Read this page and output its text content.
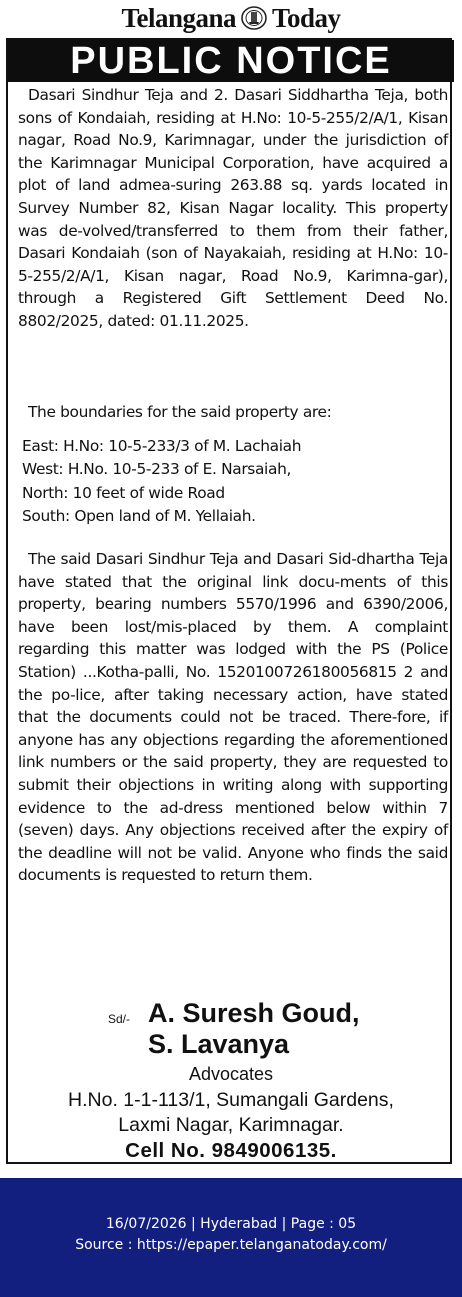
Telangana Today
PUBLIC NOTICE
Dasari Sindhur Teja and 2. Dasari Siddhartha Teja, both sons of Kondaiah, residing at H.No: 10-5-255/2/A/1, Kisan nagar, Road No.9, Karimnagar, under the jurisdiction of the Karimnagar Municipal Corporation, have acquired a plot of land admea-suring 263.88 sq. yards located in Survey Number 82, Kisan Nagar locality. This property was de-volved/transferred to them from their father, Dasari Kondaiah (son of Nayakaiah, residing at H.No: 10-5-255/2/A/1, Kisan nagar, Road No.9, Karimna-gar), through a Registered Gift Settlement Deed No. 8802/2025, dated: 01.11.2025.
The boundaries for the said property are:
East: H.No: 10-5-233/3 of M. Lachaiah
West: H.No. 10-5-233 of E. Narsaiah,
North: 10 feet of wide Road
South: Open land of M. Yellaiah.
The said Dasari Sindhur Teja and Dasari Sid-dhartha Teja have stated that the original link docu-ments of this property, bearing numbers 5570/1996 and 6390/2006, have been lost/mis-placed by them. A complaint regarding this matter was lodged with the PS (Police Station) ...Kotha-palli, No. 1520100726180056815 2 and the po-lice, after taking necessary action, have stated that the documents could not be traced. There-fore, if anyone has any objections regarding the aforementioned link numbers or the said property, they are requested to submit their objections in writing along with supporting evidence to the ad-dress mentioned below within 7 (seven) days. Any objections received after the expiry of the deadline will not be valid. Anyone who finds the said documents is requested to return them.
Sd/- A. Suresh Goud,
S. Lavanya
Advocates
H.No. 1-1-113/1, Sumangali Gardens,
Laxmi Nagar, Karimnagar.
Cell No. 9849006135.
16/07/2026 | Hyderabad | Page : 05
Source : https://epaper.telanganatoday.com/
